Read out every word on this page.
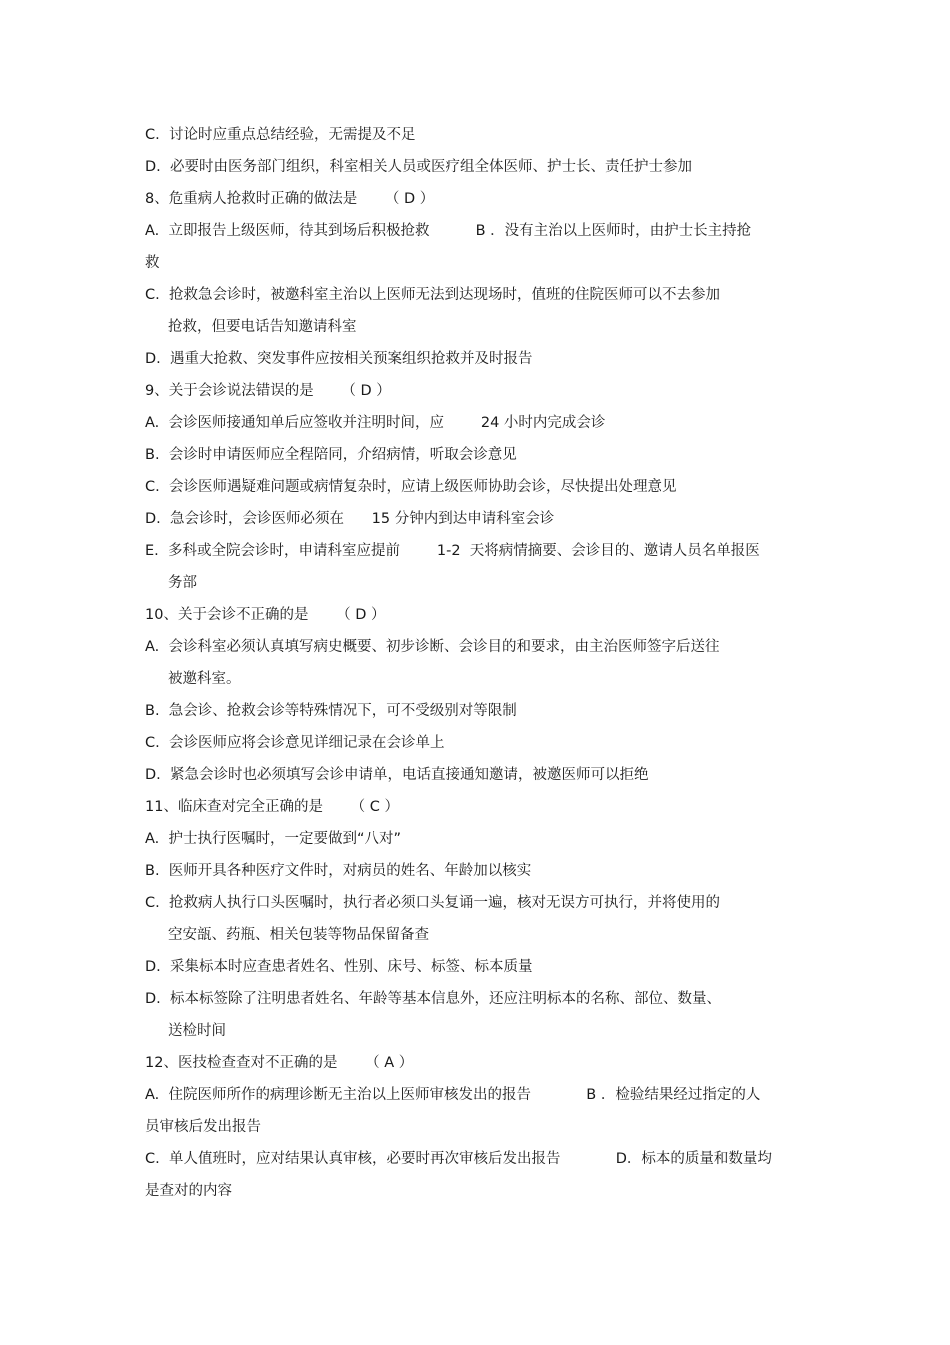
C.  讨论时应重点总结经验，无需提及不足
D.  必要时由医务部门组织，科室相关人员或医疗组全体医师、护士长、责任护士参加
8、危重病人抢救时正确的做法是      （ D ）
A.  立即报告上级医师，待其到场后积极抢救          B ．没有主治以上医师时，由护士长主持抢
救
C.  抢救急会诊时，被邀科室主治以上医师无法到达现场时，值班的住院医师可以不去参加
抢救，但要电话告知邀请科室
D.  遇重大抢救、突发事件应按相关预案组织抢救并及时报告
9、关于会诊说法错误的是      （ D ）
A.  会诊医师接通知单后应签收并注明时间，应        24 小时内完成会诊
B.  会诊时申请医师应全程陪同，介绍病情，听取会诊意见
C.  会诊医师遇疑难问题或病情复杂时，应请上级医师协助会诊，尽快提出处理意见
D.  急会诊时，会诊医师必须在      15 分钟内到达申请科室会诊
E.  多科或全院会诊时，申请科室应提前        1-2  天将病情摘要、会诊目的、邀请人员名单报医
务部
10、关于会诊不正确的是      （ D ）
A.  会诊科室必须认真填写病史概要、初步诊断、会诊目的和要求，由主治医师签字后送往
被邀科室。
B.  急会诊、抢救会诊等特殊情况下，可不受级别对等限制
C.  会诊医师应将会诊意见详细记录在会诊单上
D.  紧急会诊时也必须填写会诊申请单，电话直接通知邀请，被邀医师可以拒绝
11、临床查对完全正确的是      （ C ）
A.  护士执行医嘱时，一定要做到“八对”
B.  医师开具各种医疗文件时，对病员的姓名、年龄加以核实
C.  抢救病人执行口头医嘱时，执行者必须口头复诵一遍，核对无误方可执行，并将使用的
空安瓿、药瓶、相关包装等物品保留备查
D.  采集标本时应查患者姓名、性别、床号、标签、标本质量
D.  标本标签除了注明患者姓名、年龄等基本信息外，还应注明标本的名称、部位、数量、
送检时间
12、医技检查查对不正确的是      （ A ）
A.  住院医师所作的病理诊断无主治以上医师审核发出的报告            B ．检验结果经过指定的人
员审核后发出报告
C.  单人值班时，应对结果认真审核，必要时再次审核后发出报告            D．标本的质量和数量均
是查对的内容
